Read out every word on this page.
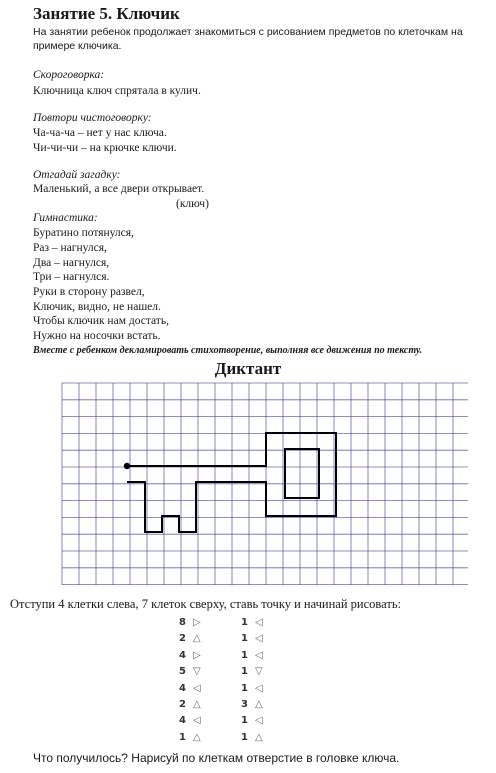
Занятие 5. Ключик
На занятии ребенок продолжает знакомиться с рисованием предметов по клеточкам на примере ключика.
Скороговорка:
Ключница ключ спрятала в кулич.
Повтори чистоговорку:
Ча-ча-ча – нет у нас ключа.
Чи-чи-чи – на крючке ключи.
Отгадай загадку:
Маленький, а все двери открывает.
(ключ)
Гимнастика:
Буратино потянулся,
Раз – нагнулся,
Два – нагнулся,
Три – нагнулся.
Руки в сторону развел,
Ключик, видно, не нашел.
Чтобы ключик нам достать,
Нужно на носочки встать.
Вместе с ребенком декламировать стихотворение, выполняя все движения по тексту.
Диктант
Отступи 4 клетки слева, 7 клеток сверху, ставь точку и начинай рисовать:
Что получилось? Нарисуй по клеткам отверстие в головке ключа.
8 ▷	1 ◁
2 △	1 ◁
4 ▷	1 ◁
5 ▽	1 ▽
4 ◁	1 ◁
2 △	3 △
4 ◁	1 ◁
1 △	1 △
